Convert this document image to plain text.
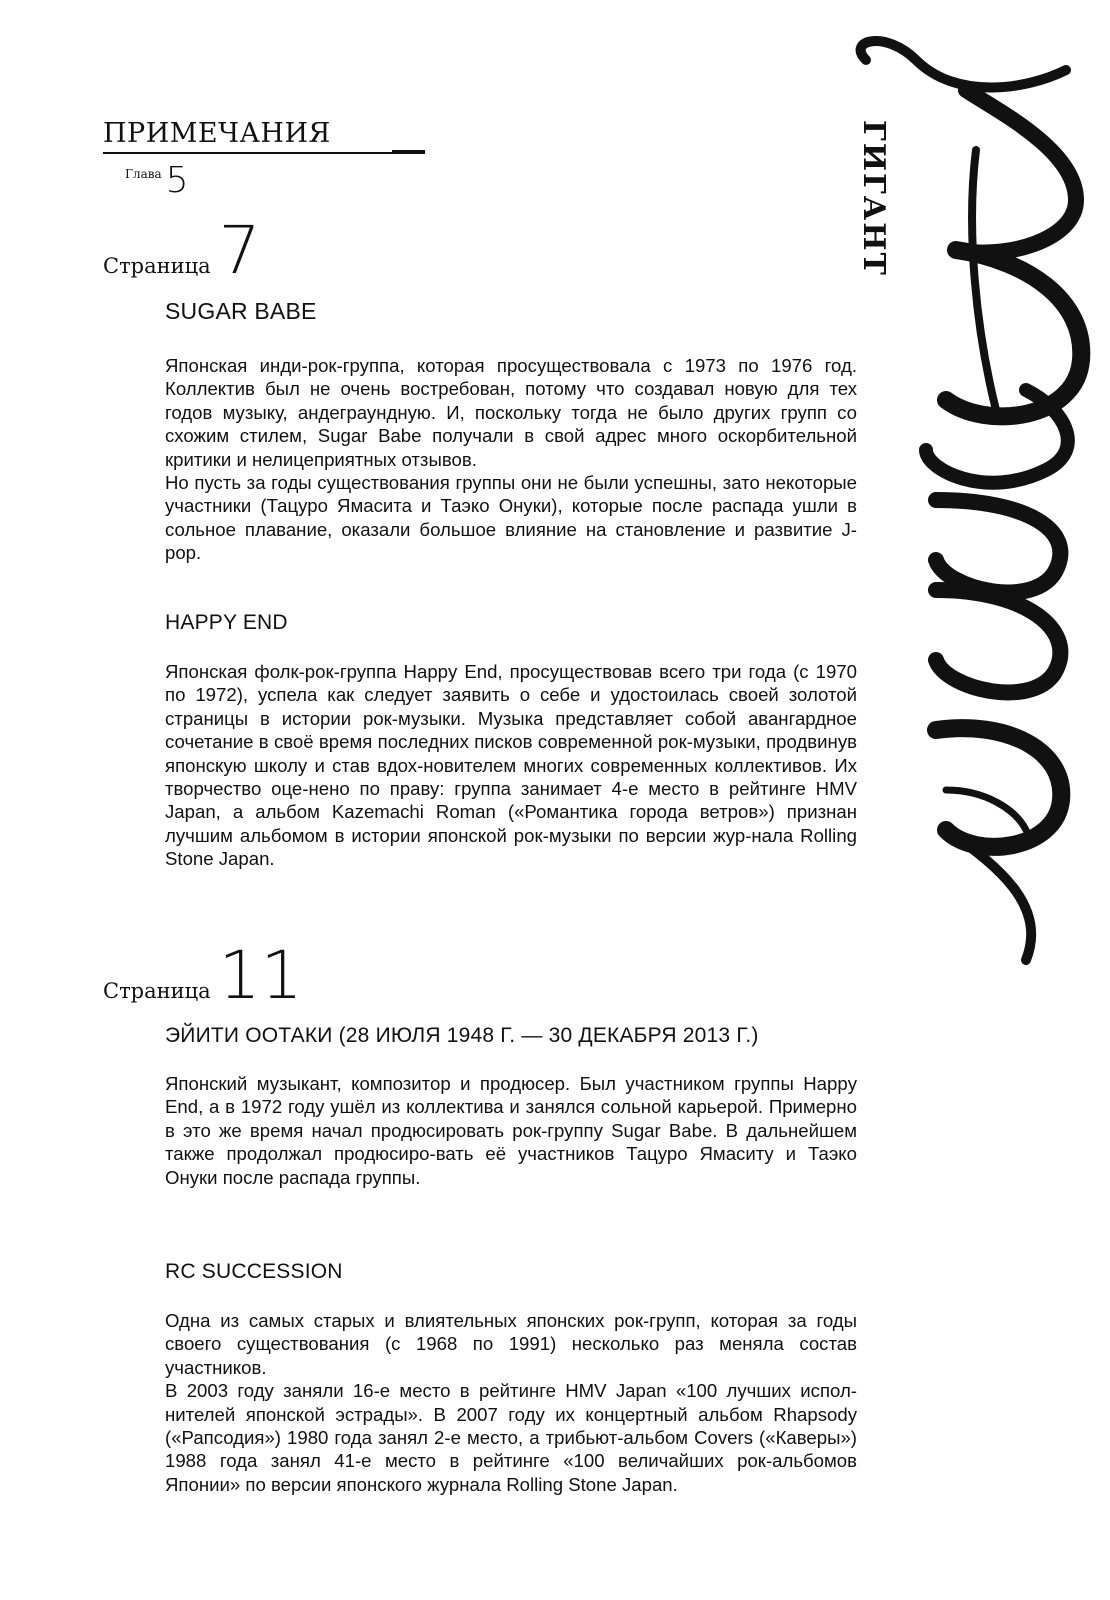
ПРИМЕЧАНИЯ
$^{Глава}$ 5
Страница 7
SUGAR BABE
Японская инди-рок-группа, которая просуществовала с 1973 по 1976 год. Коллектив был не очень востребован, потому что создавал новую для тех годов музыку, андеграундную. И, поскольку тогда не было других групп со схожим стилем, Sugar Babe получали в свой адрес много оскорбительной критики и нелицеприятных отзывов.
Но пусть за годы существования группы они не были успешны, зато некоторые участники (Тацуро Ямасита и Таэко Онуки), которые после распада ушли в сольное плавание, оказали большое влияние на становление и развитие J-pop.
HAPPY END
Японская фолк-рок-группа Happy End, просуществовав всего три года (с 1970 по 1972), успела как следует заявить о себе и удостоилась своей золотой страницы в истории рок-музыки. Музыка представляет собой авангардное сочетание в своё время последних писков современной рок-музыки, продвинув японскую школу и став вдох-новителем многих современных коллективов. Их творчество оце-нено по праву: группа занимает 4-е место в рейтинге HMV Japan, а альбом Kazemachi Roman («Романтика города ветров») признан лучшим альбомом в истории японской рок-музыки по версии жур-нала Rolling Stone Japan.
Страница 11
ЭЙИТИ ООТАКИ (28 ИЮЛЯ 1948 Г. — 30 ДЕКАБРЯ 2013 Г.)
Японский музыкант, композитор и продюсер. Был участником группы Happy End, а в 1972 году ушёл из коллектива и занялся сольной карьерой. Примерно в это же время начал продюсировать рок-группу Sugar Babe. В дальнейшем также продолжал продюсиро-вать её участников Тацуро Ямаситу и Таэко Онуки после распада группы.
RC SUCCESSION
Одна из самых старых и влиятельных японских рок-групп, которая за годы своего существования (с 1968 по 1991) несколько раз меняла состав участников.
В 2003 году заняли 16-е место в рейтинге HMV Japan «100 лучших испол-нителей японской эстрады». В 2007 году их концертный альбом Rhapsody («Рапсодия») 1980 года занял 2-е место, а трибьют-альбом Covers («Каверы») 1988 года занял 41-е место в рейтинге «100 величайших рок-альбомов Японии» по версии японского журнала Rolling Stone Japan.
ГИГАНТ
